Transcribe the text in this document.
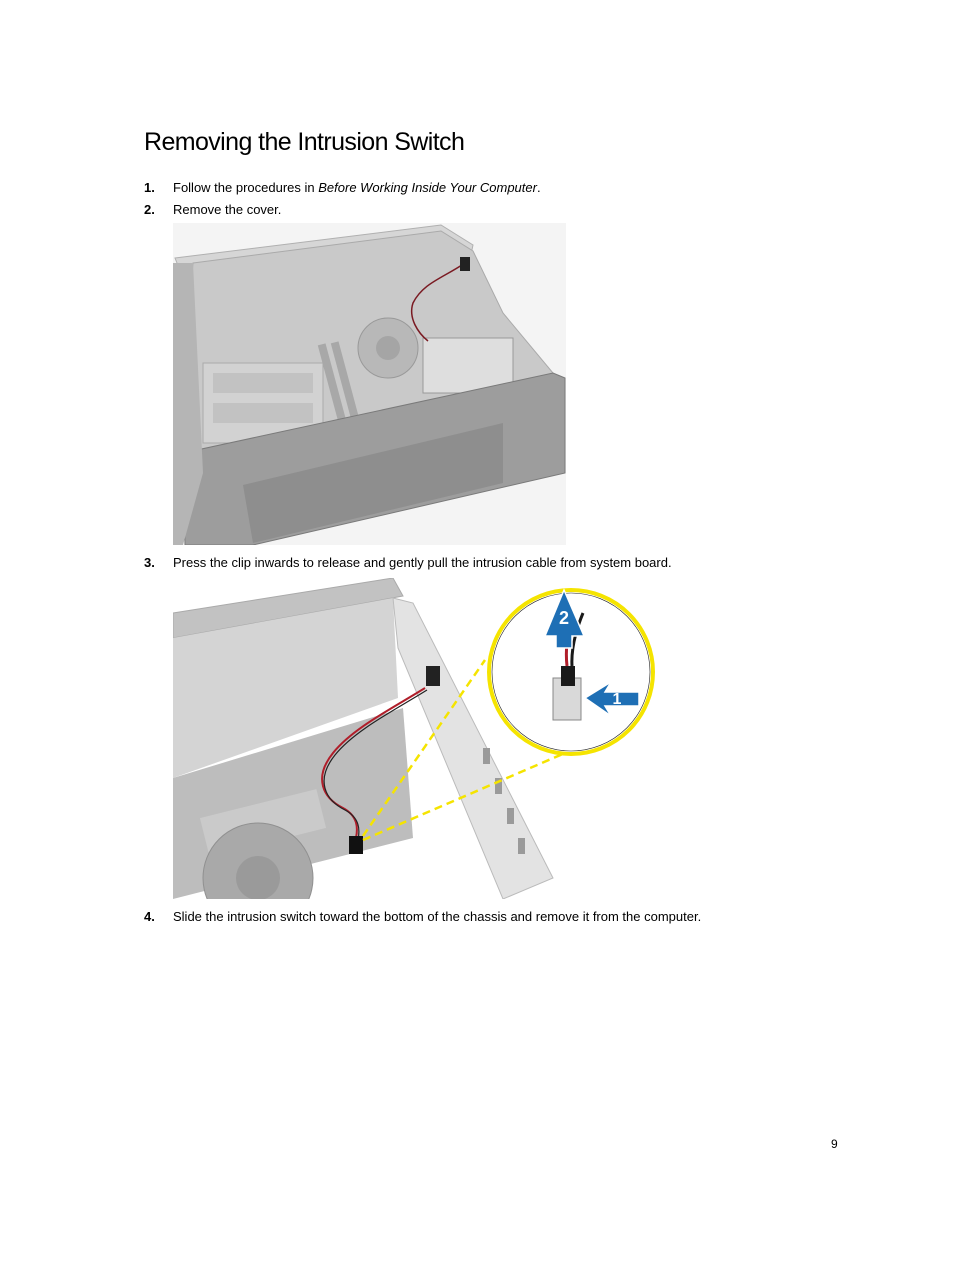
Removing the Intrusion Switch
1.	Follow the procedures in Before Working Inside Your Computer.
2.	Remove the cover.
3.	Press the clip inwards to release and gently pull the intrusion cable from system board.
1
2
4.	Slide the intrusion switch toward the bottom of the chassis and remove it from the computer.
9
